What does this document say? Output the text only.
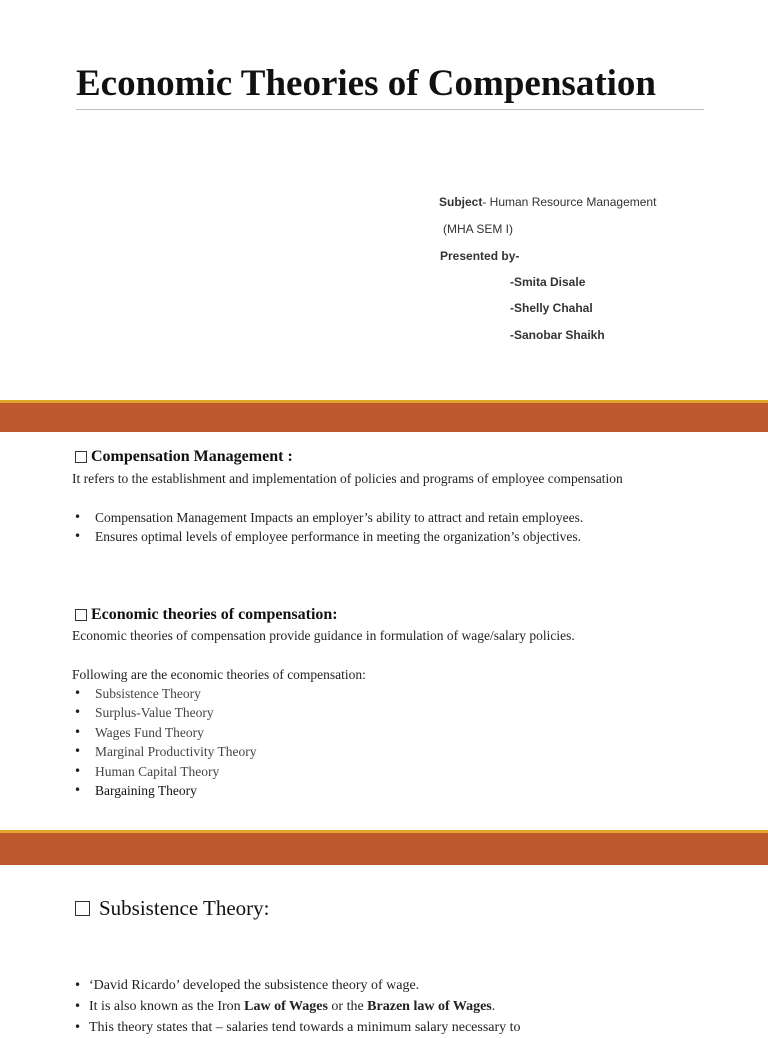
Economic Theories of Compensation
Subject- Human Resource Management
(MHA SEM I)
Presented by-
-Smita Disale
-Shelly Chahal
-Sanobar Shaikh
Compensation Management :

It refers to the establishment and implementation of policies and programs of employee compensation

• Compensation Management Impacts an employer’s ability to attract and retain employees.
• Ensures optimal levels of employee performance in meeting the organization’s objectives.
Economic theories of compensation:

Economic theories of compensation provide guidance in formulation of wage/salary policies.

Following are the economic theories of compensation:

• Subsistence Theory
• Surplus-Value Theory
• Wages Fund Theory
• Marginal Productivity Theory
• Human Capital Theory
• Bargaining Theory
Subsistence Theory:
• ‘David Ricardo’ developed the subsistence theory of wage.
• It is also known as the Iron Law of Wages or the Brazen law of Wages.
• This theory states that – salaries tend towards a minimum salary necessary to
